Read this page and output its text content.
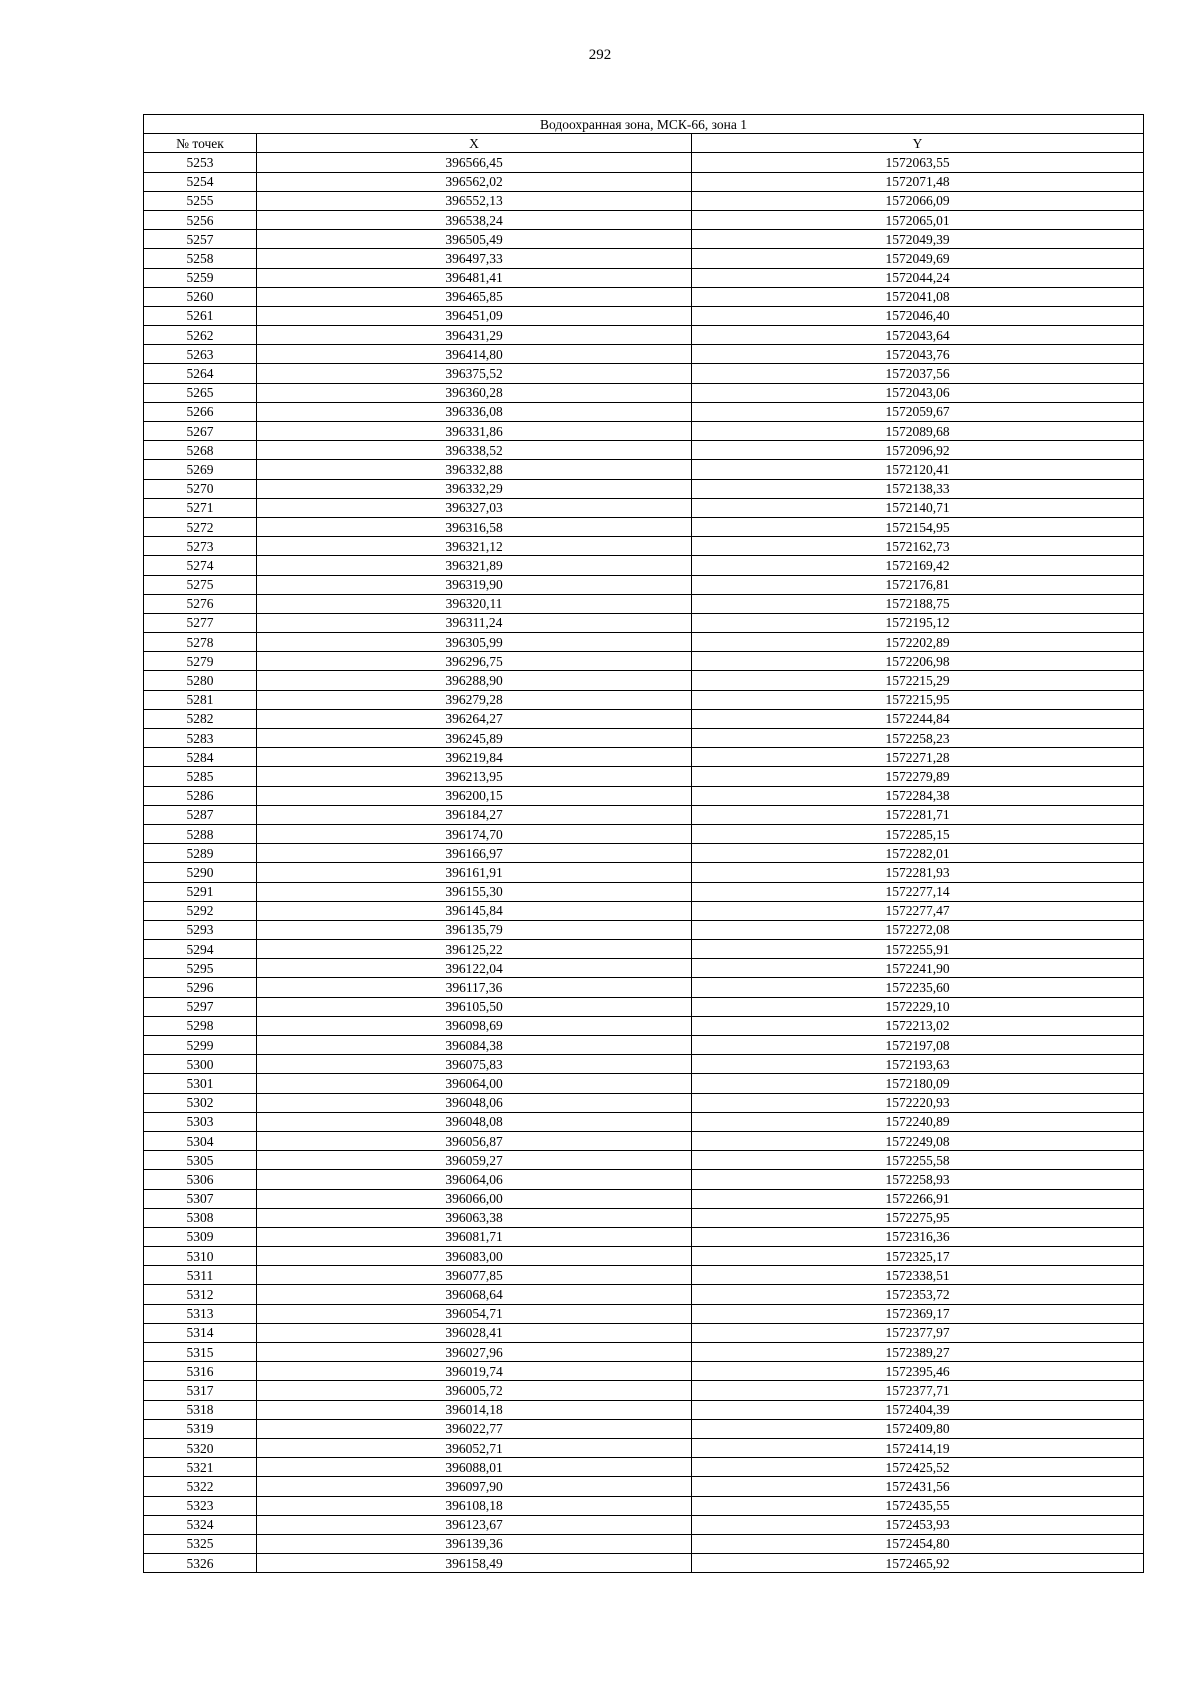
292
Водоохранная зона, МСК-66, зона 1		
№ точек	X	Y
5253	396566,45	1572063,55
5254	396562,02	1572071,48
5255	396552,13	1572066,09
5256	396538,24	1572065,01
5257	396505,49	1572049,39
5258	396497,33	1572049,69
5259	396481,41	1572044,24
5260	396465,85	1572041,08
5261	396451,09	1572046,40
5262	396431,29	1572043,64
5263	396414,80	1572043,76
5264	396375,52	1572037,56
5265	396360,28	1572043,06
5266	396336,08	1572059,67
5267	396331,86	1572089,68
5268	396338,52	1572096,92
5269	396332,88	1572120,41
5270	396332,29	1572138,33
5271	396327,03	1572140,71
5272	396316,58	1572154,95
5273	396321,12	1572162,73
5274	396321,89	1572169,42
5275	396319,90	1572176,81
5276	396320,11	1572188,75
5277	396311,24	1572195,12
5278	396305,99	1572202,89
5279	396296,75	1572206,98
5280	396288,90	1572215,29
5281	396279,28	1572215,95
5282	396264,27	1572244,84
5283	396245,89	1572258,23
5284	396219,84	1572271,28
5285	396213,95	1572279,89
5286	396200,15	1572284,38
5287	396184,27	1572281,71
5288	396174,70	1572285,15
5289	396166,97	1572282,01
5290	396161,91	1572281,93
5291	396155,30	1572277,14
5292	396145,84	1572277,47
5293	396135,79	1572272,08
5294	396125,22	1572255,91
5295	396122,04	1572241,90
5296	396117,36	1572235,60
5297	396105,50	1572229,10
5298	396098,69	1572213,02
5299	396084,38	1572197,08
5300	396075,83	1572193,63
5301	396064,00	1572180,09
5302	396048,06	1572220,93
5303	396048,08	1572240,89
5304	396056,87	1572249,08
5305	396059,27	1572255,58
5306	396064,06	1572258,93
5307	396066,00	1572266,91
5308	396063,38	1572275,95
5309	396081,71	1572316,36
5310	396083,00	1572325,17
5311	396077,85	1572338,51
5312	396068,64	1572353,72
5313	396054,71	1572369,17
5314	396028,41	1572377,97
5315	396027,96	1572389,27
5316	396019,74	1572395,46
5317	396005,72	1572377,71
5318	396014,18	1572404,39
5319	396022,77	1572409,80
5320	396052,71	1572414,19
5321	396088,01	1572425,52
5322	396097,90	1572431,56
5323	396108,18	1572435,55
5324	396123,67	1572453,93
5325	396139,36	1572454,80
5326	396158,49	1572465,92
